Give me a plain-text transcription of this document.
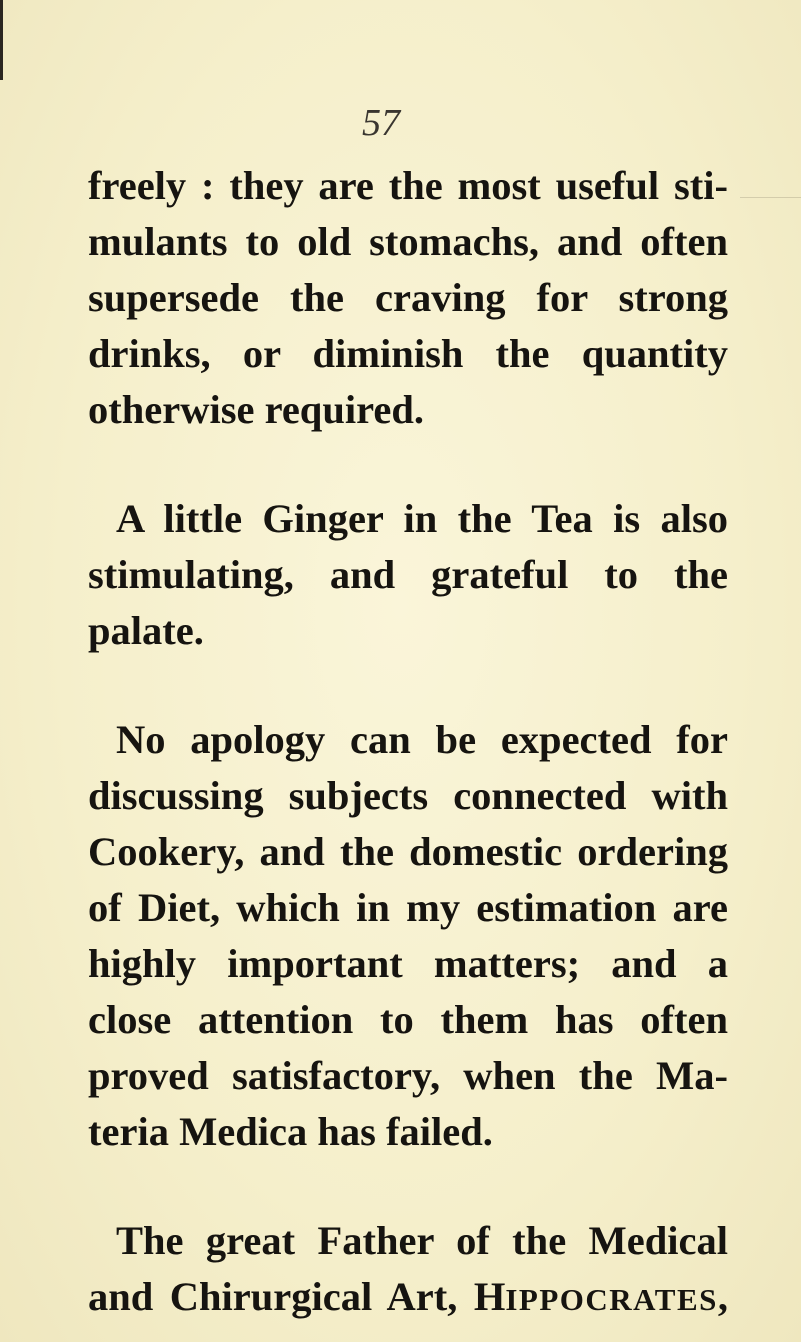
57
freely : they are the most useful sti-
mulants to old stomachs, and often
supersede the craving for strong
drinks, or diminish the quantity
otherwise required.
A little Ginger in the Tea is also
stimulating, and grateful to the
palate.
No apology can be expected for
discussing subjects connected with
Cookery, and the domestic ordering
of Diet, which in my estimation are
highly important matters; and a
close attention to them has often
proved satisfactory, when the Ma-
teria Medica has failed.
The great Father of the Medical
and Chirurgical Art, HIPPOCRATES,
